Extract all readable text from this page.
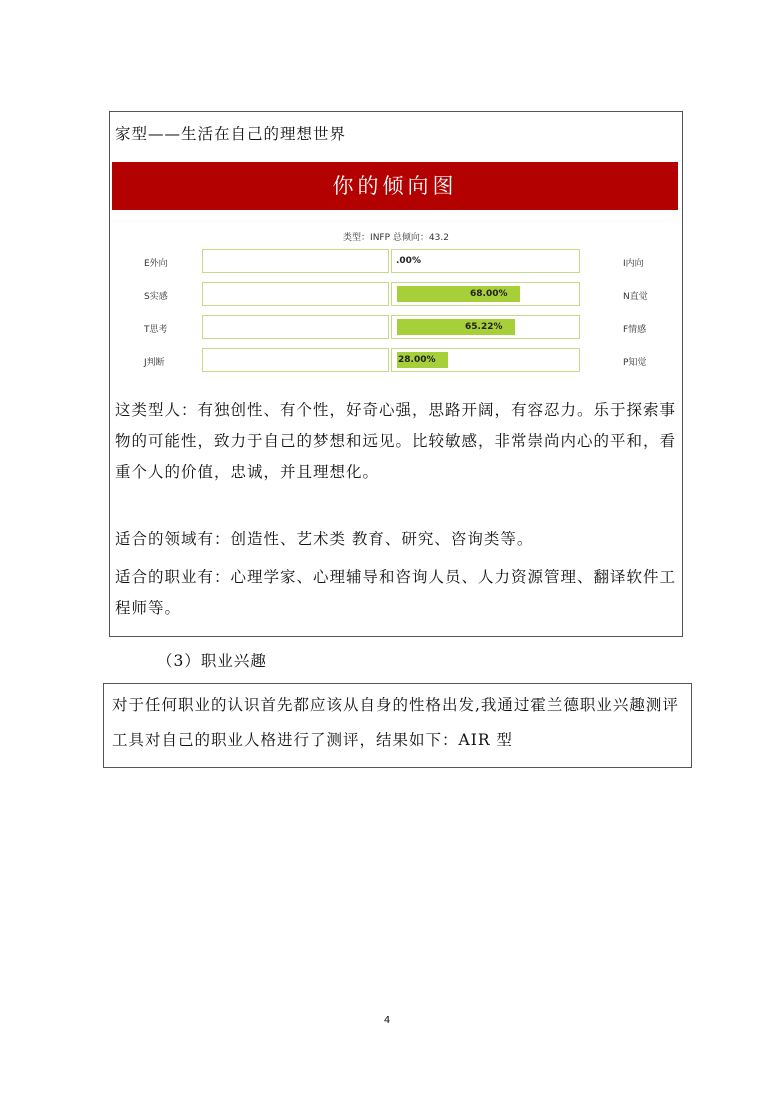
家型——生活在自己的理想世界
你的倾向图
类型：INFP 总倾向：43.2
E外向	.00%	I内向
S实感	68.00%	N直觉
T思考	65.22%	F情感
J判断	28.00%	P知觉
这类型人：有独创性、有个性，好奇心强，思路开阔，有容忍力。乐于探索事物的可能性，致力于自己的梦想和远见。比较敏感，非常崇尚内心的平和，看重个人的价值，忠诚，并且理想化。
适合的领域有：创造性、艺术类 教育、研究、咨询类等。
适合的职业有：心理学家、心理辅导和咨询人员、人力资源管理、翻译软件工程师等。
（3）职业兴趣
对于任何职业的认识首先都应该从自身的性格出发,我通过霍兰德职业兴趣测评工具对自己的职业人格进行了测评，结果如下：AIR 型
4
